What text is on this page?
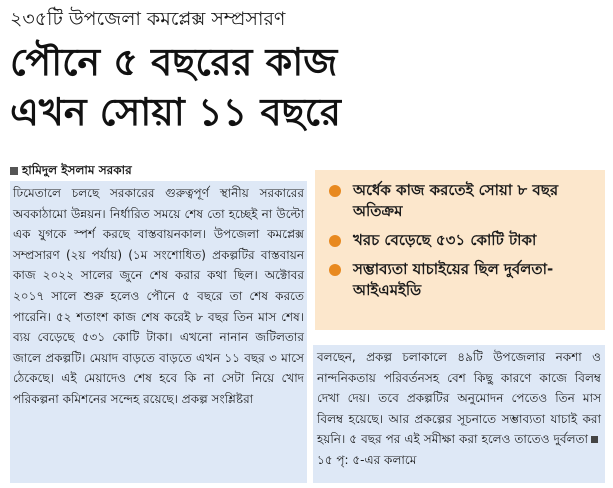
২৩৫টি উপজেলা কমপ্লেক্স সম্প্রসারণ
পৌনে ৫ বছরের কাজ
এখন সোয়া ১১ বছরে
হামিদুল ইসলাম সরকার
ঢিমেতালে চলছে সরকারের গুরুত্বপূর্ণ স্থানীয় সরকারের অবকাঠামো উন্নয়ন। নির্ধারিত সময়ে শেষ তো হচ্ছেই না উল্টো এক যুগকে স্পর্শ করছে বাস্তবায়নকাল। উপজেলা কমপ্লেক্স সম্প্রসারণ (২য় পর্যায়) (১ম সংশোধিত) প্রকল্পটির বাস্তবায়ন কাজ ২০২২ সালের জুনে শেষ করার কথা ছিল। অক্টোবর ২০১৭ সালে শুরু হলেও পৌনে ৫ বছরে তা শেষ করতে পারেনি। ৫২ শতাংশ কাজ শেষ করেই ৮ বছর তিন মাস শেষ। ব্যয় বেড়েছে ৫৩১ কোটি টাকা। এখনো নানান জটিলতার জালে প্রকল্পটি। মেয়াদ বাড়তে বাড়তে এখন ১১ বছর ৩ মাসে ঠেকেছে। এই মেয়াদেও শেষ হবে কি না সেটা নিয়ে খোদ পরিকল্পনা কমিশনের সন্দেহ রয়েছে। প্রকল্প সংশ্লিষ্টরা
অর্ধেক কাজ করতেই সোয়া ৮ বছর অতিক্রম
খরচ বেড়েছে ৫৩১ কোটি টাকা
সম্ভাব্যতা যাচাইয়ের ছিল দুর্বলতা-আইএমইডি
বলছেন, প্রকল্প চলাকালে ৪৯টি উপজেলার নকশা ও নান্দনিকতায় পরিবর্তনসহ বেশ কিছু কারণে কাজে বিলম্ব দেখা দেয়। তবে প্রকল্পটির অনুমোদন পেতেও তিন মাস বিলম্ব হয়েছে। আর প্রকল্পের সূচনাতে সম্ভাব্যতা যাচাই করা হয়নি। ৫ বছর পর এই সমীক্ষা করা হলেও তাতেও দুর্বলতা১৫ পৃ: ৫-এর কলামে
